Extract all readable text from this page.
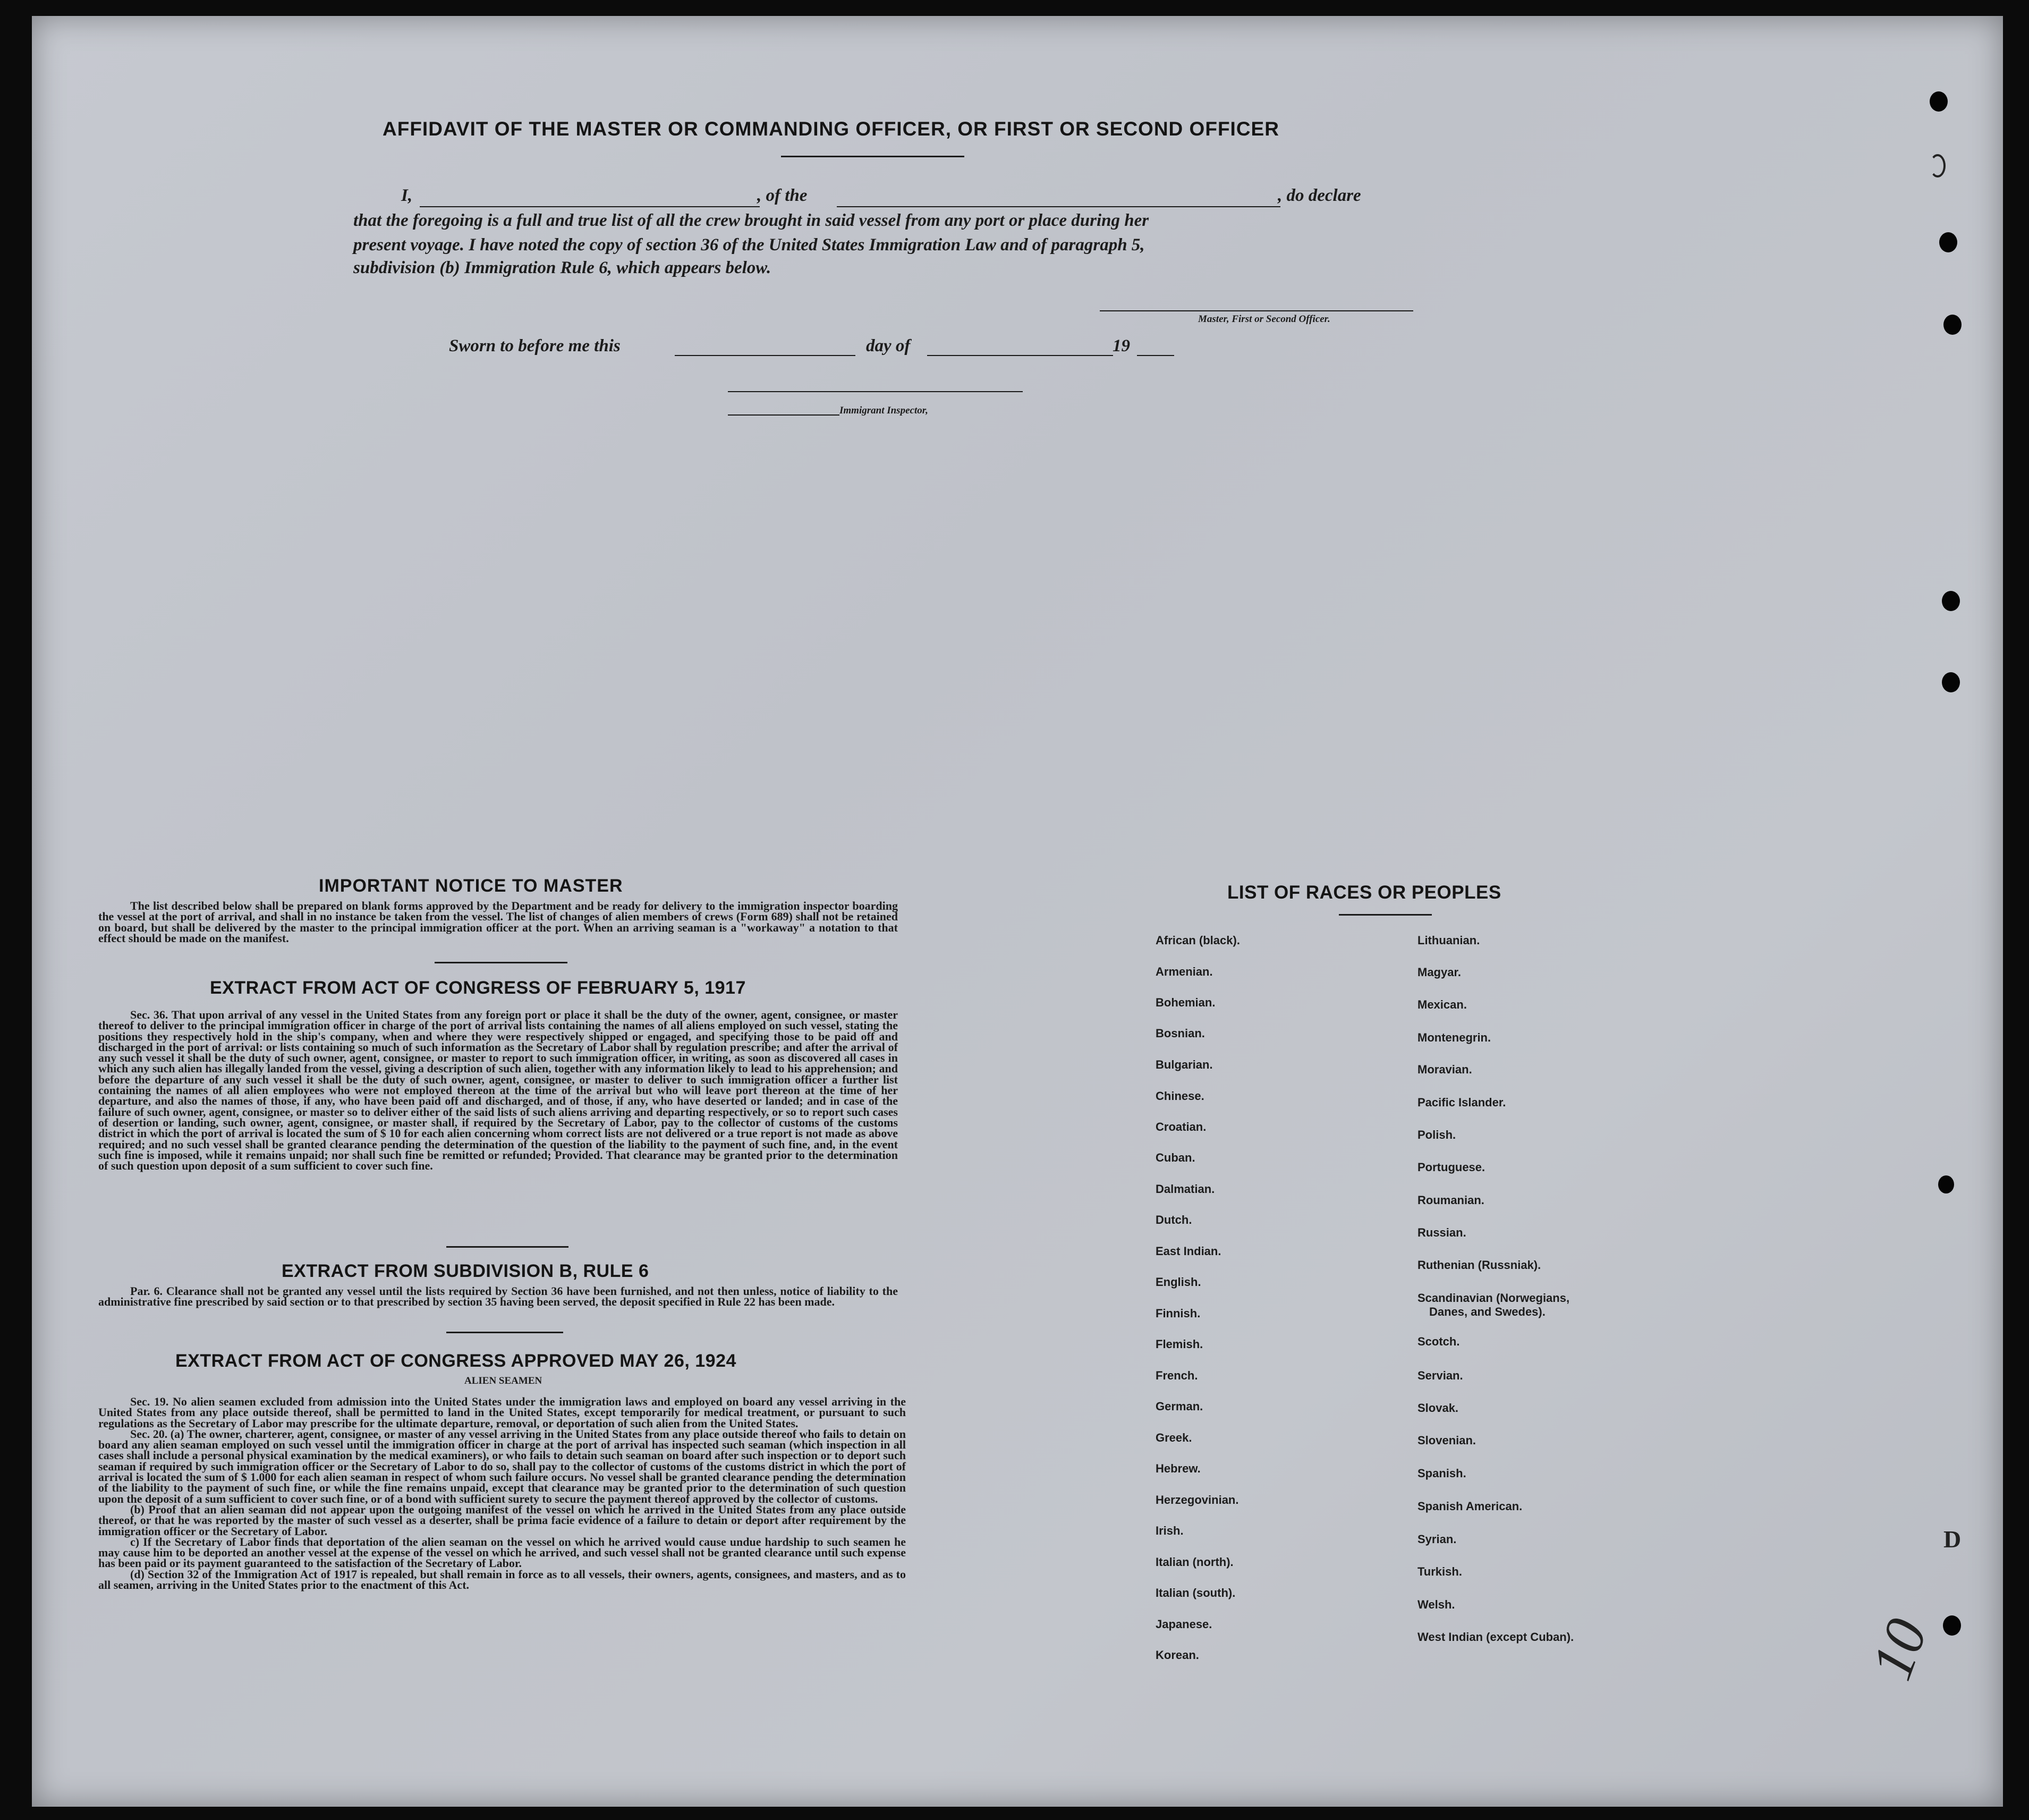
AFFIDAVIT OF THE MASTER OR COMMANDING OFFICER, OR FIRST OR SECOND OFFICER
I,	, of the	, do declare
that the foregoing is a full and true list of all the crew brought in said vessel from any port or place during her
present voyage. I have noted the copy of section 36 of the United States Immigration Law and of paragraph 5,
subdivision (b) Immigration Rule 6, which appears below.
Master, First or Second Officer.
Sworn to before me this	day of	19
Immigrant Inspector,
IMPORTANT NOTICE TO MASTER

The list described below shall be prepared on blank forms approved by the Department and be ready for delivery to the immigration inspector boarding the vessel at the port of arrival, and shall in no instance be taken from the vessel. The list of changes of alien members of crews (Form 689) shall not be retained on board, but shall be delivered by the master to the principal immigration officer at the port. When an arriving seaman is a "workaway" a notation to that effect should be made on the manifest.

EXTRACT FROM ACT OF CONGRESS OF FEBRUARY 5, 1917

Sec. 36. That upon arrival of any vessel in the United States from any foreign port or place it shall be the duty of the owner, agent, consignee, or master thereof to deliver to the principal immigration officer in charge of the port of arrival lists containing the names of all aliens employed on such vessel, stating the positions they respectively hold in the ship's company, when and where they were respectively shipped or engaged, and specifying those to be paid off and discharged in the port of arrival: or lists containing so much of such information as the Secretary of Labor shall by regulation prescribe; and after the arrival of any such vessel it shall be the duty of such owner, agent, consignee, or master to report to such immigration officer, in writing, as soon as discovered all cases in which any such alien has illegally landed from the vessel, giving a description of such alien, together with any information likely to lead to his apprehension; and before the departure of any such vessel it shall be the duty of such owner, agent, consignee, or master to deliver to such immigration officer a further list containing the names of all alien employees who were not employed thereon at the time of the arrival but who will leave port thereon at the time of her departure, and also the names of those, if any, who have been paid off and discharged, and of those, if any, who have deserted or landed; and in case of the failure of such owner, agent, consignee, or master so to deliver either of the said lists of such aliens arriving and departing respectively, or so to report such cases of desertion or landing, such owner, agent, consignee, or master shall, if required by the Secretary of Labor, pay to the collector of customs of the customs district in which the port of arrival is located the sum of $ 10 for each alien concerning whom correct lists are not delivered or a true report is not made as above required; and no such vessel shall be granted clearance pending the determination of the question of the liability to the payment of such fine, and, in the event such fine is imposed, while it remains unpaid; nor shall such fine be remitted or refunded; Provided. That clearance may be granted prior to the determination of such question upon deposit of a sum sufficient to cover such fine.

EXTRACT FROM SUBDIVISION B, RULE 6

Par. 6. Clearance shall not be granted any vessel until the lists required by Section 36 have been furnished, and not then unless, notice of liability to the administrative fine prescribed by said section or to that prescribed by section 35 having been served, the deposit specified in Rule 22 has been made.

EXTRACT FROM ACT OF CONGRESS APPROVED MAY 26, 1924
ALIEN SEAMEN

Sec. 19. No alien seamen excluded from admission into the United States under the immigration laws and employed on board any vessel arriving in the United States from any place outside thereof, shall be permitted to land in the United States, except temporarily for medical treatment, or pursuant to such regulations as the Secretary of Labor may prescribe for the ultimate departure, removal, or deportation of such alien from the United States.

Sec. 20. (a) The owner, charterer, agent, consignee, or master of any vessel arriving in the United States from any place outside thereof who fails to detain on board any alien seaman employed on such vessel until the immigration officer in charge at the port of arrival has inspected such seaman (which inspection in all cases shall include a personal physical examination by the medical examiners), or who fails to detain such seaman on board after such inspection or to deport such seaman if required by such immigration officer or the Secretary of Labor to do so, shall pay to the collector of customs of the customs district in which the port of arrival is located the sum of $ 1.000 for each alien seaman in respect of whom such failure occurs. No vessel shall be granted clearance pending the determination of the liability to the payment of such fine, or while the fine remains unpaid, except that clearance may be granted prior to the determination of such question upon the deposit of a sum sufficient to cover such fine, or of a bond with sufficient surety to secure the payment thereof approved by the collector of customs.

(b) Proof that an alien seaman did not appear upon the outgoing manifest of the vessel on which he arrived in the United States from any place outside thereof, or that he was reported by the master of such vessel as a deserter, shall be prima facie evidence of a failure to detain or deport after requirement by the immigration officer or the Secretary of Labor.

c) If the Secretary of Labor finds that deportation of the alien seaman on the vessel on which he arrived would cause undue hardship to such seamen he may cause him to be deported an another vessel at the expense of the vessel on which he arrived, and such vessel shall not be granted clearance until such expense has been paid or its payment guaranteed to the satisfaction of the Secretary of Labor.

(d) Section 32 of the Immigration Act of 1917 is repealed, but shall remain in force as to all vessels, their owners, agents, consignees, and masters, and as to all seamen, arriving in the United States prior to the enactment of this Act.

LIST OF RACES OR PEOPLES
African (black).
Armenian.
Bohemian.
Bosnian.
Bulgarian.
Chinese.
Croatian.
Cuban.
Dalmatian.
Dutch.
East Indian.
English.
Finnish.
Flemish.
French.
German.
Greek.
Hebrew.
Herzegovinian.
Irish.
Italian (north).
Italian (south).
Japanese.
Korean.
Lithuanian.
Magyar.
Mexican.
Montenegrin.
Moravian.
Pacific Islander.
Polish.
Portuguese.
Roumanian.
Russian.
Ruthenian (Russniak).
Scandinavian (Norwegians,
Danes, and Swedes).
Scotch.
Servian.
Slovak.
Slovenian.
Spanish.
Spanish American.
Syrian.
Turkish.
Welsh.
West Indian (except Cuban).
D
10
